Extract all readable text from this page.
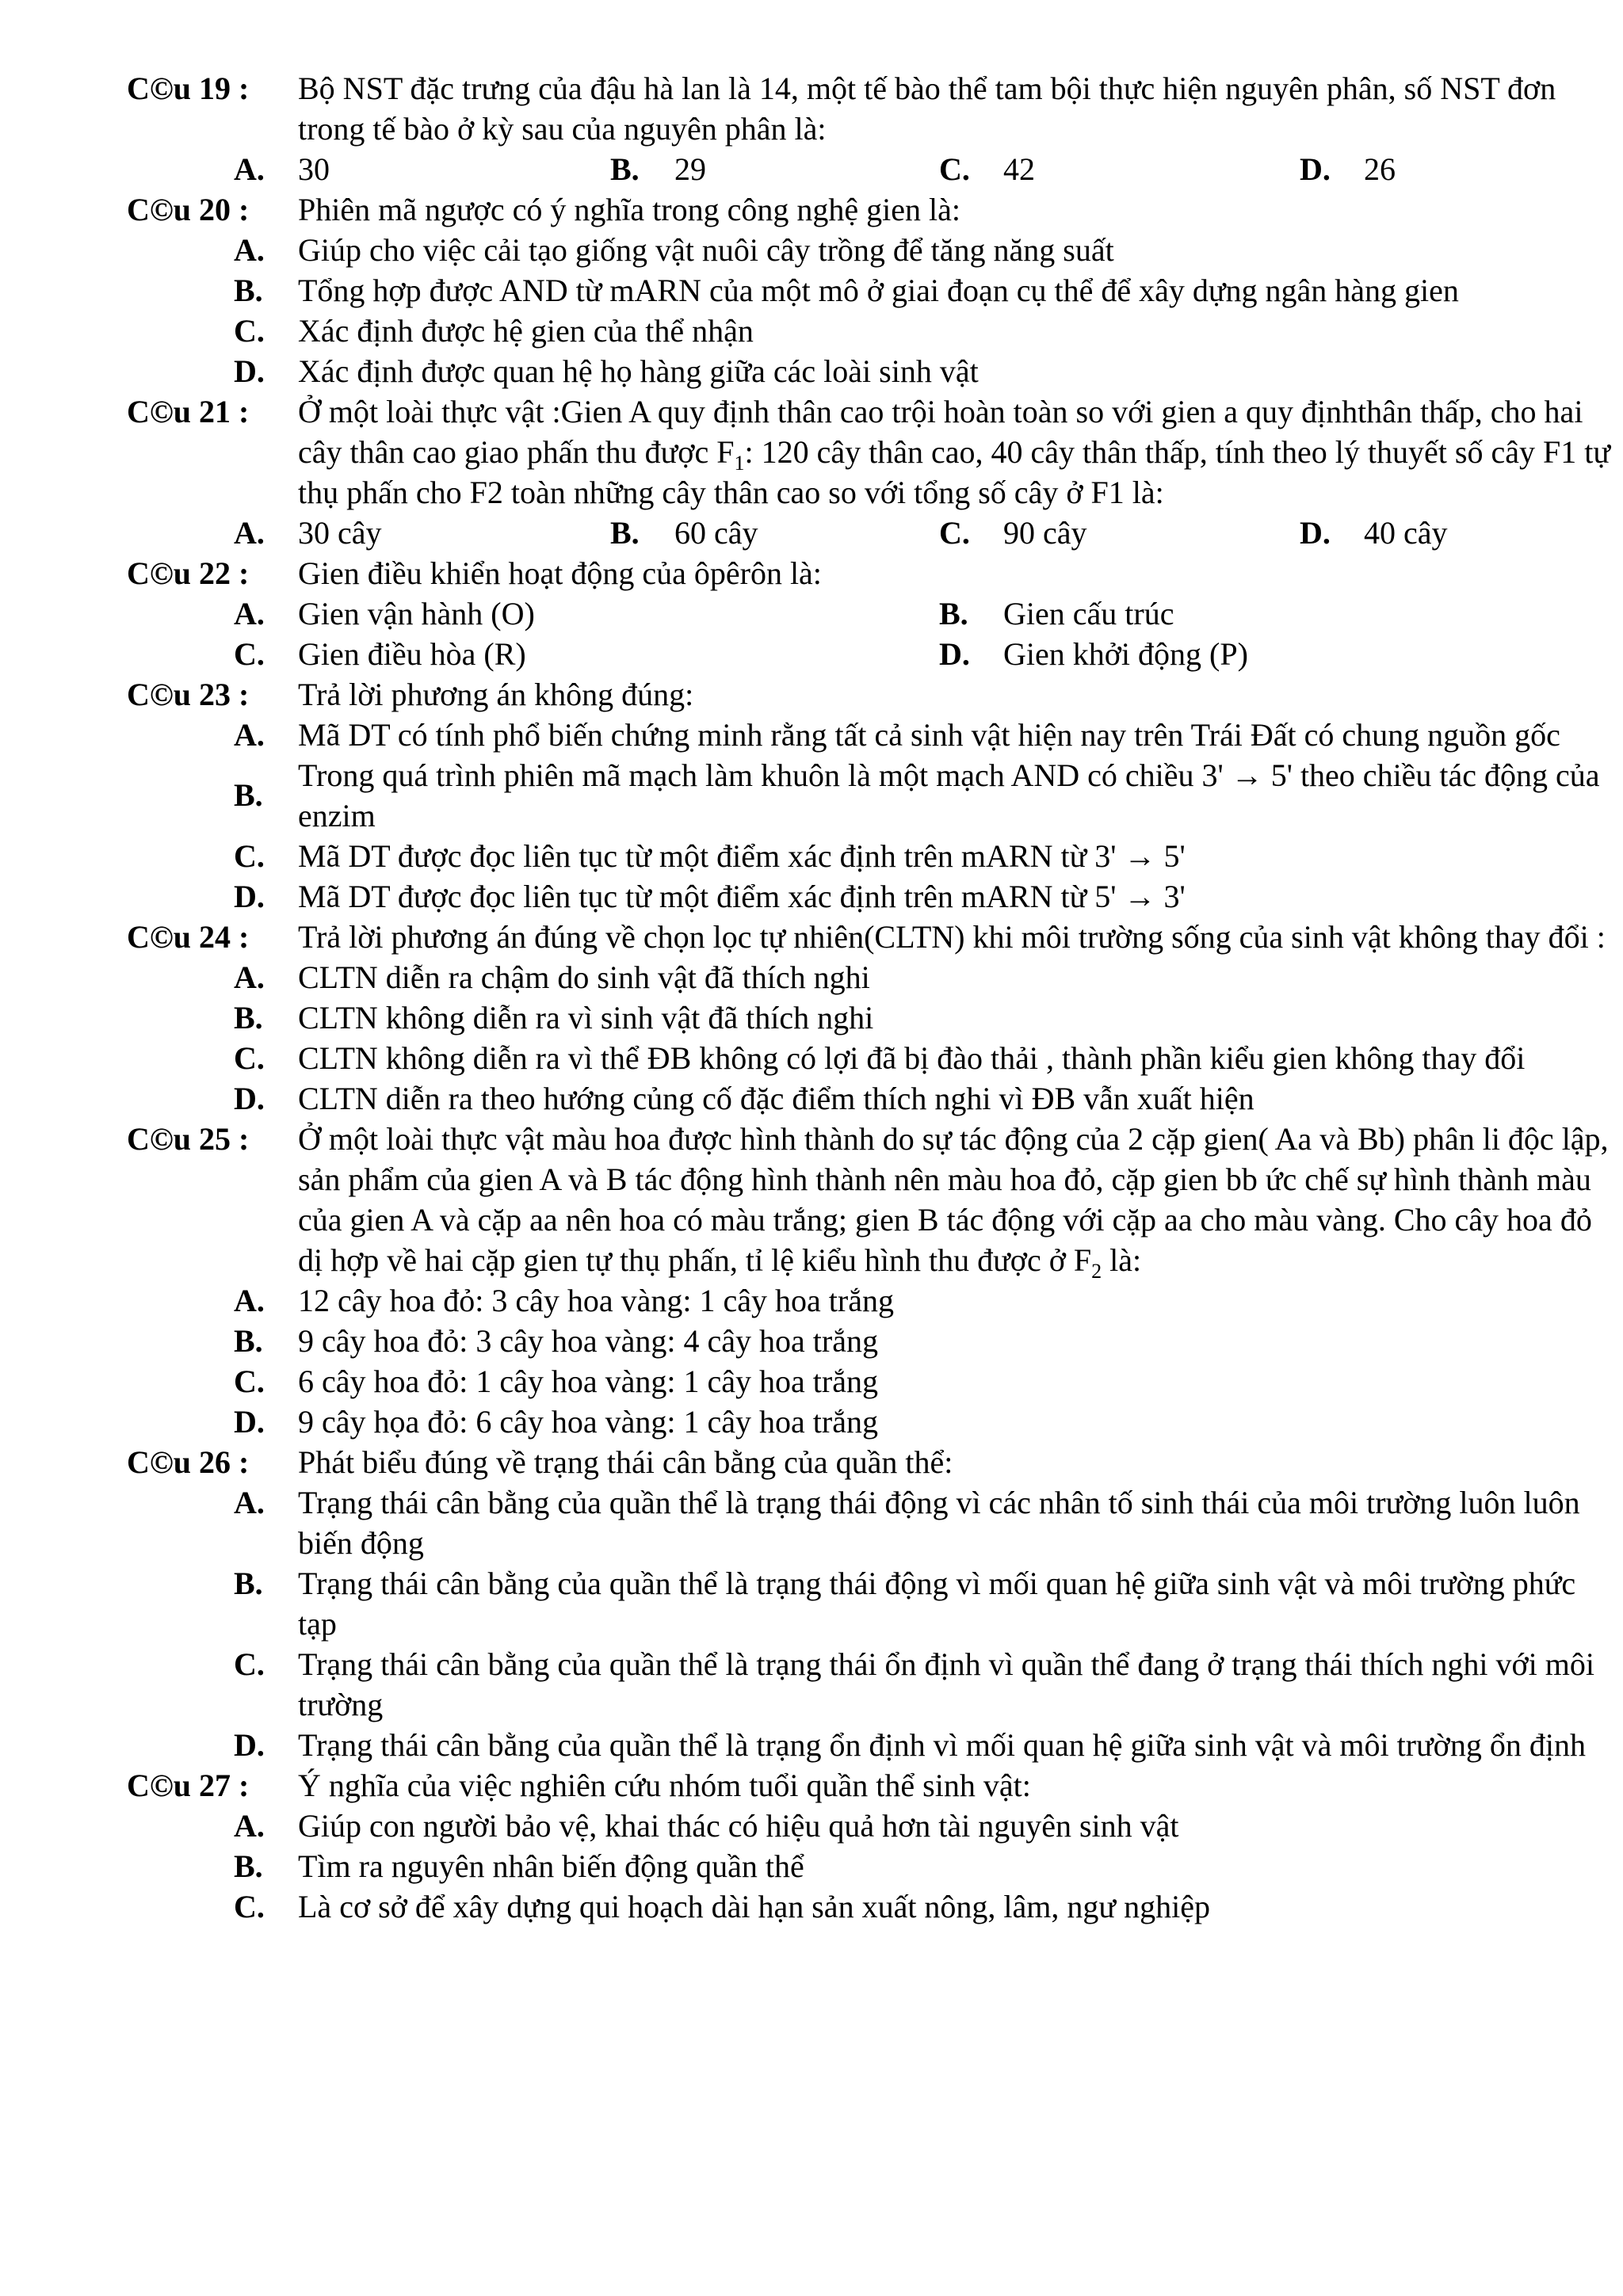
C©u 19 : Bộ NST đặc trưng của đậu hà lan là 14, một tế bào thể tam bội thực hiện nguyên phân, số NST đơn trong tế bào ở kỳ sau của nguyên phân là:
A. 30	B. 29	C. 42	D. 26
C©u 20 : Phiên mã ngược có ý nghĩa trong công nghệ gien là:
A.	Giúp cho việc cải tạo giống vật nuôi cây trồng để tăng năng suất
B.	Tổng hợp được AND từ mARN của một mô ở giai đoạn cụ thể để xây dựng ngân hàng gien
C.	Xác định được hệ gien của thể nhận
D.	Xác định được quan hệ họ hàng giữa các loài sinh vật
C©u 21 : Ở một loài thực vật :Gien A quy định thân cao trội hoàn toàn so với gien a quy địnhthân thấp, cho hai cây thân cao giao phấn thu được $F_1$: 120 cây thân cao, 40 cây thân thấp, tính theo lý thuyết số cây F1 tự thụ phấn cho F2 toàn những cây thân cao so với tổng số cây ở F1 là:
A. 30 cây	B. 60 cây	C. 90 cây	D. 40 cây
C©u 22 : Gien điều khiển hoạt động của ôpêrôn là:
A. Gien vận hành (O)	B. Gien cấu trúc
C. Gien điều hòa (R)	D. Gien khởi động (P)
C©u 23 : Trả lời phương án không đúng:
A.	Mã DT có tính phổ biến chứng minh rằng tất cả sinh vật hiện nay trên Trái Đất có chung nguồn gốc
B.
Trong quá trình phiên mã mạch làm khuôn là một mạch AND có chiều 3' → 5' theo chiều tác động của enzim
C.	Mã DT được đọc liên tục từ một điểm xác định trên mARN từ 3' → 5'
D.	Mã DT được đọc liên tục từ một điểm xác định trên mARN từ 5' → 3'
C©u 24 : Trả lời phương án đúng về chọn lọc tự nhiên(CLTN) khi môi trường sống của sinh vật không thay đổi :
A.	CLTN diễn ra chậm do sinh vật đã thích nghi
B.	CLTN không diễn ra vì sinh vật đã thích nghi
C.	CLTN không diễn ra vì thể ĐB không có lợi đã bị đào thải , thành phần kiểu gien không thay đổi
D.	CLTN diễn ra theo hướng củng cố đặc điểm thích nghi vì ĐB vẫn xuất hiện
C©u 25 : Ở một loài thực vật màu hoa được hình thành do sự tác động của 2 cặp gien( Aa và Bb) phân li độc lập, sản phẩm của gien A và B tác động hình thành nên màu hoa đỏ, cặp gien bb ức chế sự hình thành màu của gien A và cặp aa nên hoa có màu trắng; gien B tác động với cặp aa cho màu vàng. Cho cây hoa đỏ dị hợp về hai cặp gien tự thụ phấn, tỉ lệ kiểu hình thu được ở $F_2$ là:
A.	12 cây hoa đỏ: 3 cây hoa vàng: 1 cây hoa trắng
B.	9 cây hoa đỏ: 3 cây hoa vàng: 4 cây hoa trắng
C.	6 cây hoa đỏ: 1 cây hoa vàng: 1 cây hoa trắng
D.	9 cây họa đỏ: 6 cây hoa vàng: 1 cây hoa trắng
C©u 26 : Phát biểu đúng về trạng thái cân bằng của quần thể:
A.	Trạng thái cân bằng của quần thể là trạng thái động vì các nhân tố sinh thái của môi trường luôn luôn biến động
B.	Trạng thái cân bằng của quần thể là trạng thái động vì mối quan hệ giữa sinh vật và môi trường phức tạp
C.	Trạng thái cân bằng của quần thể là trạng thái ổn định vì quần thể đang ở trạng thái thích nghi với môi trường
D.	Trạng thái cân bằng của quần thể là trạng ổn định vì mối quan hệ giữa sinh vật và môi trường ổn định
C©u 27 : Ý nghĩa của việc nghiên cứu nhóm tuổi quần thể sinh vật:
A.	Giúp con người bảo vệ, khai thác có hiệu quả hơn tài nguyên sinh vật
B.	Tìm ra nguyên nhân biến động quần thể
C.	Là cơ sở để xây dựng qui hoạch dài hạn sản xuất nông, lâm, ngư nghiệp
